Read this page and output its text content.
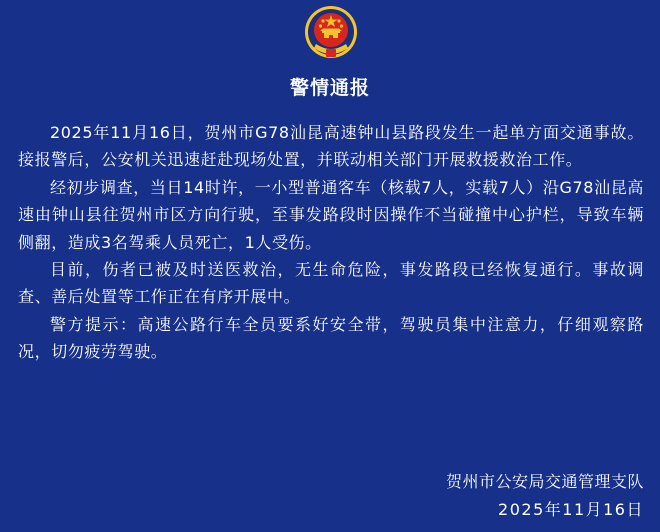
警情通报

2025年11月16日，贺州市G78汕昆高速钟山县路段发生一起单方面交通事故。接报警后，公安机关迅速赶赴现场处置，并联动相关部门开展救援救治工作。

经初步调查，当日14时许，一小型普通客车（核载7人，实载7人）沿G78汕昆高速由钟山县往贺州市区方向行驶，至事发路段时因操作不当碰撞中心护栏，导致车辆侧翻，造成3名驾乘人员死亡，1人受伤。

目前，伤者已被及时送医救治，无生命危险，事发路段已经恢复通行。事故调查、善后处置等工作正在有序开展中。

警方提示：高速公路行车全员要系好安全带，驾驶员集中注意力，仔细观察路况，切勿疲劳驾驶。

贺州市公安局交通管理支队
2025年11月16日
